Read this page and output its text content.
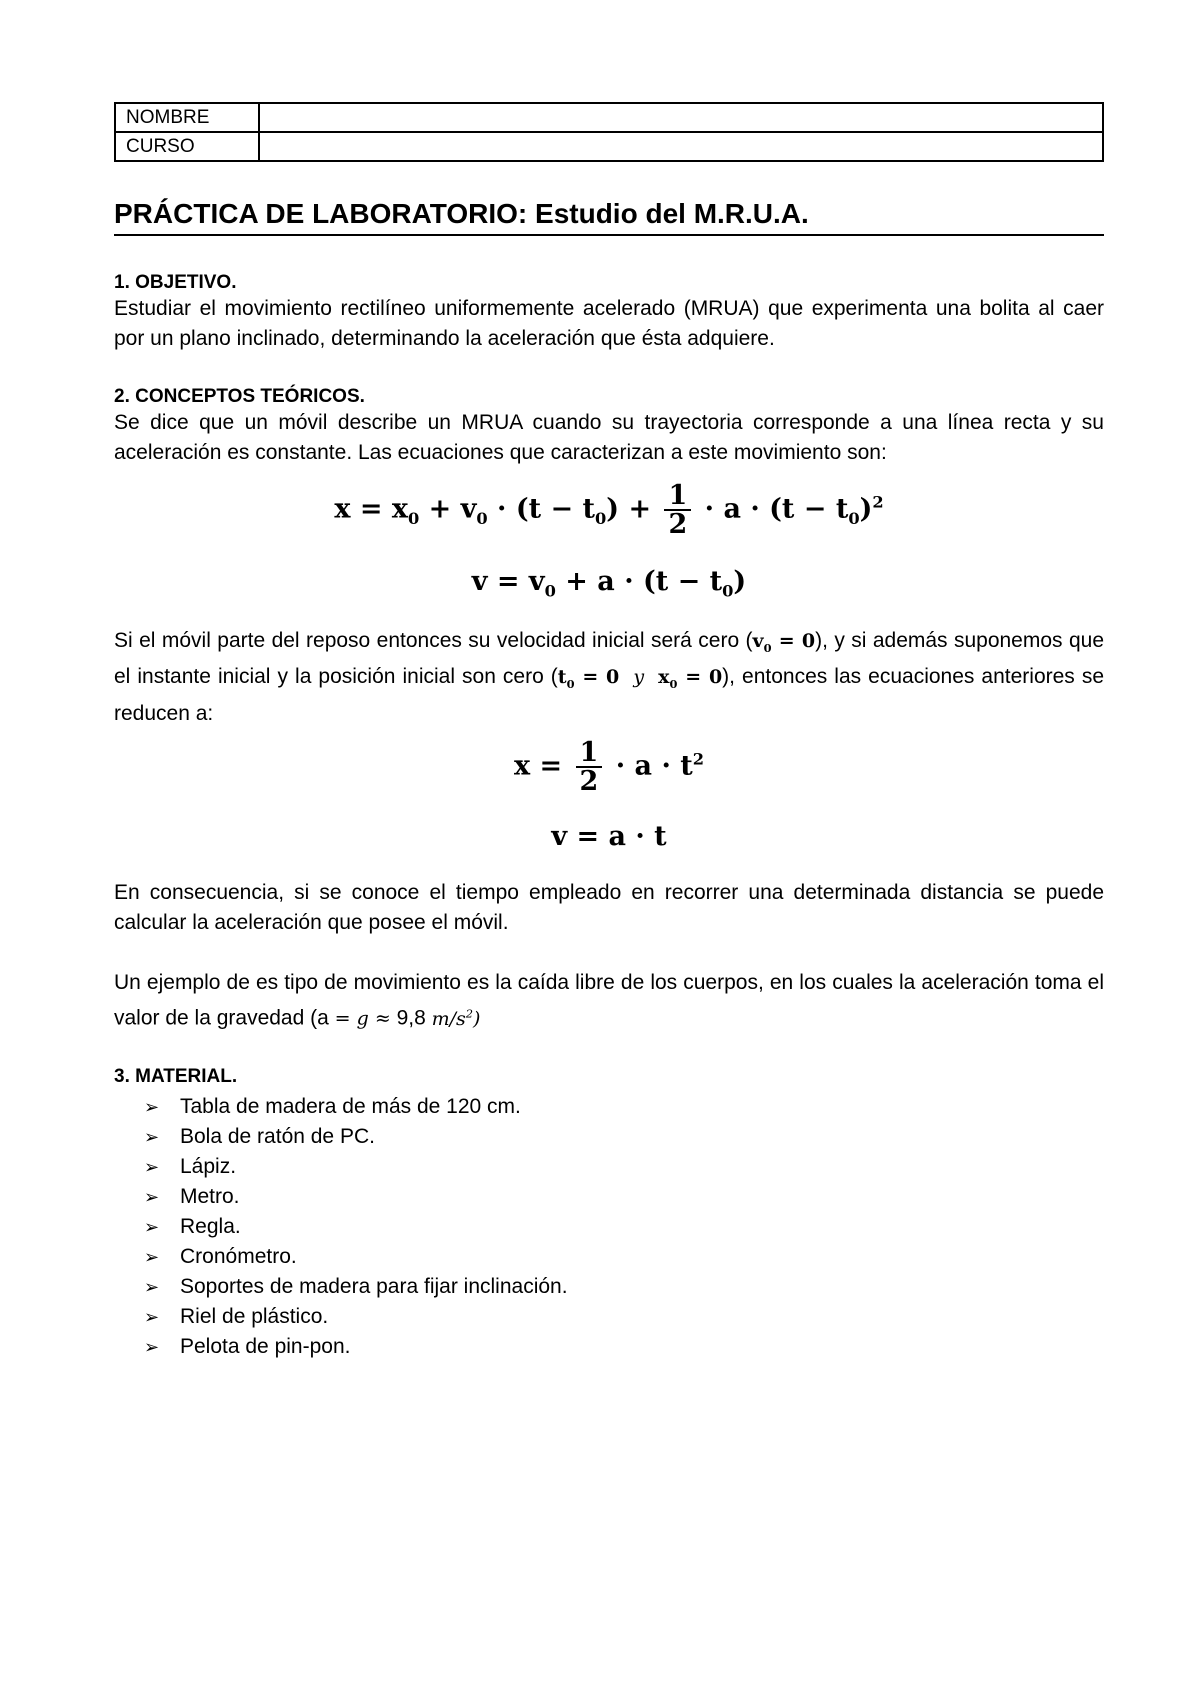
NOMBRE	
CURSO	
PRÁCTICA DE LABORATORIO: Estudio del M.R.U.A.
1. OBJETIVO.

Estudiar el movimiento rectilíneo uniformemente acelerado (MRUA) que experimenta una bolita al caer por un plano inclinado, determinando la aceleración que ésta adquiere.

2. CONCEPTOS TEÓRICOS.

Se dice que un móvil describe un MRUA cuando su trayectoria corresponde a una línea recta y su aceleración es constante. Las ecuaciones que caracterizan a este movimiento son:

$x = x_0 + v_0 \cdot (t - t_0) + \frac{1}{2} \cdot a \cdot (t - t_0)^2$
$v = v_0 + a \cdot (t - t_0)$

Si el móvil parte del reposo entonces su velocidad inicial será cero $(v_0 = 0)$, y si además suponemos que el instante inicial y la posición inicial son cero ($t_0 = 0$ y $x_0 = 0$), entonces las ecuaciones anteriores se reducen a:

$x = \frac{1}{2} \cdot a \cdot t^2$
v = a · t

En consecuencia, si se conoce el tiempo empleado en recorrer una determinada distancia se puede calcular la aceleración que posee el móvil.

Un ejemplo de es tipo de movimiento es la caída libre de los cuerpos, en los cuales la aceleración toma el valor de la gravedad (a = g ≈ 9,8 $m/s^2$)

3. MATERIAL.
➢ Tabla de madera de más de 120 cm.
➢ Bola de ratón de PC.
➢ Lápiz.
➢ Metro.
➢ Regla.
➢ Cronómetro.
➢ Soportes de madera para fijar inclinación.
➢ Riel de plástico.
➢ Pelota de pin-pon.
